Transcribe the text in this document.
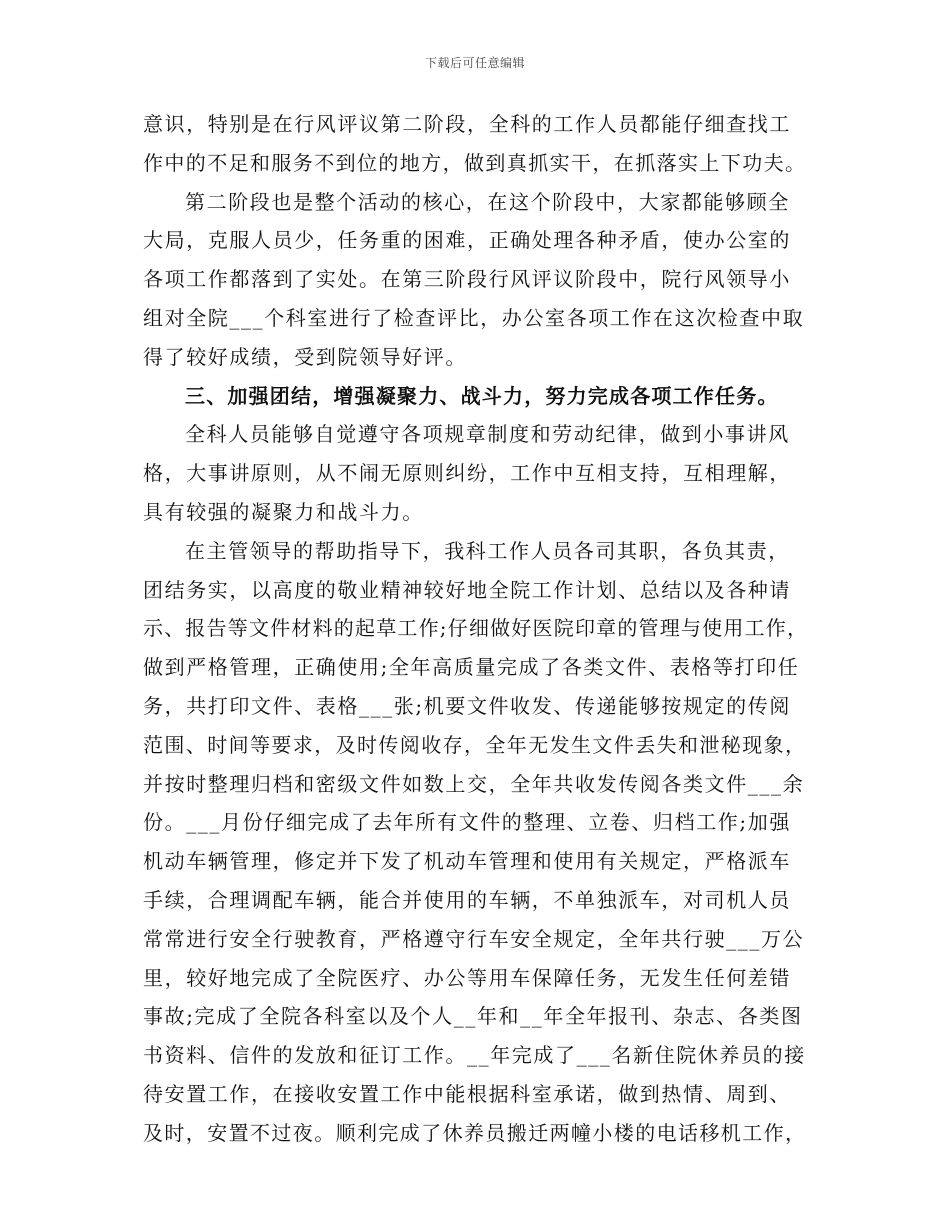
下载后可任意编辑
意识，特别是在行风评议第二阶段，全科的工作人员都能仔细查找工
作中的不足和服务不到位的地方，做到真抓实干，在抓落实上下功夫。
第二阶段也是整个活动的核心，在这个阶段中，大家都能够顾全
大局，克服人员少，任务重的困难，正确处理各种矛盾，使办公室的
各项工作都落到了实处。在第三阶段行风评议阶段中，院行风领导小
组对全院___个科室进行了检查评比，办公室各项工作在这次检查中取
得了较好成绩，受到院领导好评。
三、加强团结，增强凝聚力、战斗力，努力完成各项工作任务。
全科人员能够自觉遵守各项规章制度和劳动纪律，做到小事讲风
格，大事讲原则，从不闹无原则纠纷，工作中互相支持，互相理解，
具有较强的凝聚力和战斗力。
在主管领导的帮助指导下，我科工作人员各司其职，各负其责，
团结务实，以高度的敬业精神较好地全院工作计划、总结以及各种请
示、报告等文件材料的起草工作;仔细做好医院印章的管理与使用工作，
做到严格管理，正确使用;全年高质量完成了各类文件、表格等打印任
务，共打印文件、表格___张;机要文件收发、传递能够按规定的传阅
范围、时间等要求，及时传阅收存，全年无发生文件丢失和泄秘现象，
并按时整理归档和密级文件如数上交，全年共收发传阅各类文件___余
份。___月份仔细完成了去年所有文件的整理、立卷、归档工作;加强
机动车辆管理，修定并下发了机动车管理和使用有关规定，严格派车
手续，合理调配车辆，能合并使用的车辆，不单独派车，对司机人员
常常进行安全行驶教育，严格遵守行车安全规定，全年共行驶___万公
里，较好地完成了全院医疗、办公等用车保障任务，无发生任何差错
事故;完成了全院各科室以及个人__年和__年全年报刊、杂志、各类图
书资料、信件的发放和征订工作。__年完成了___名新住院休养员的接
待安置工作，在接收安置工作中能根据科室承诺，做到热情、周到、
及时，安置不过夜。顺利完成了休养员搬迁两幢小楼的电话移机工作，
